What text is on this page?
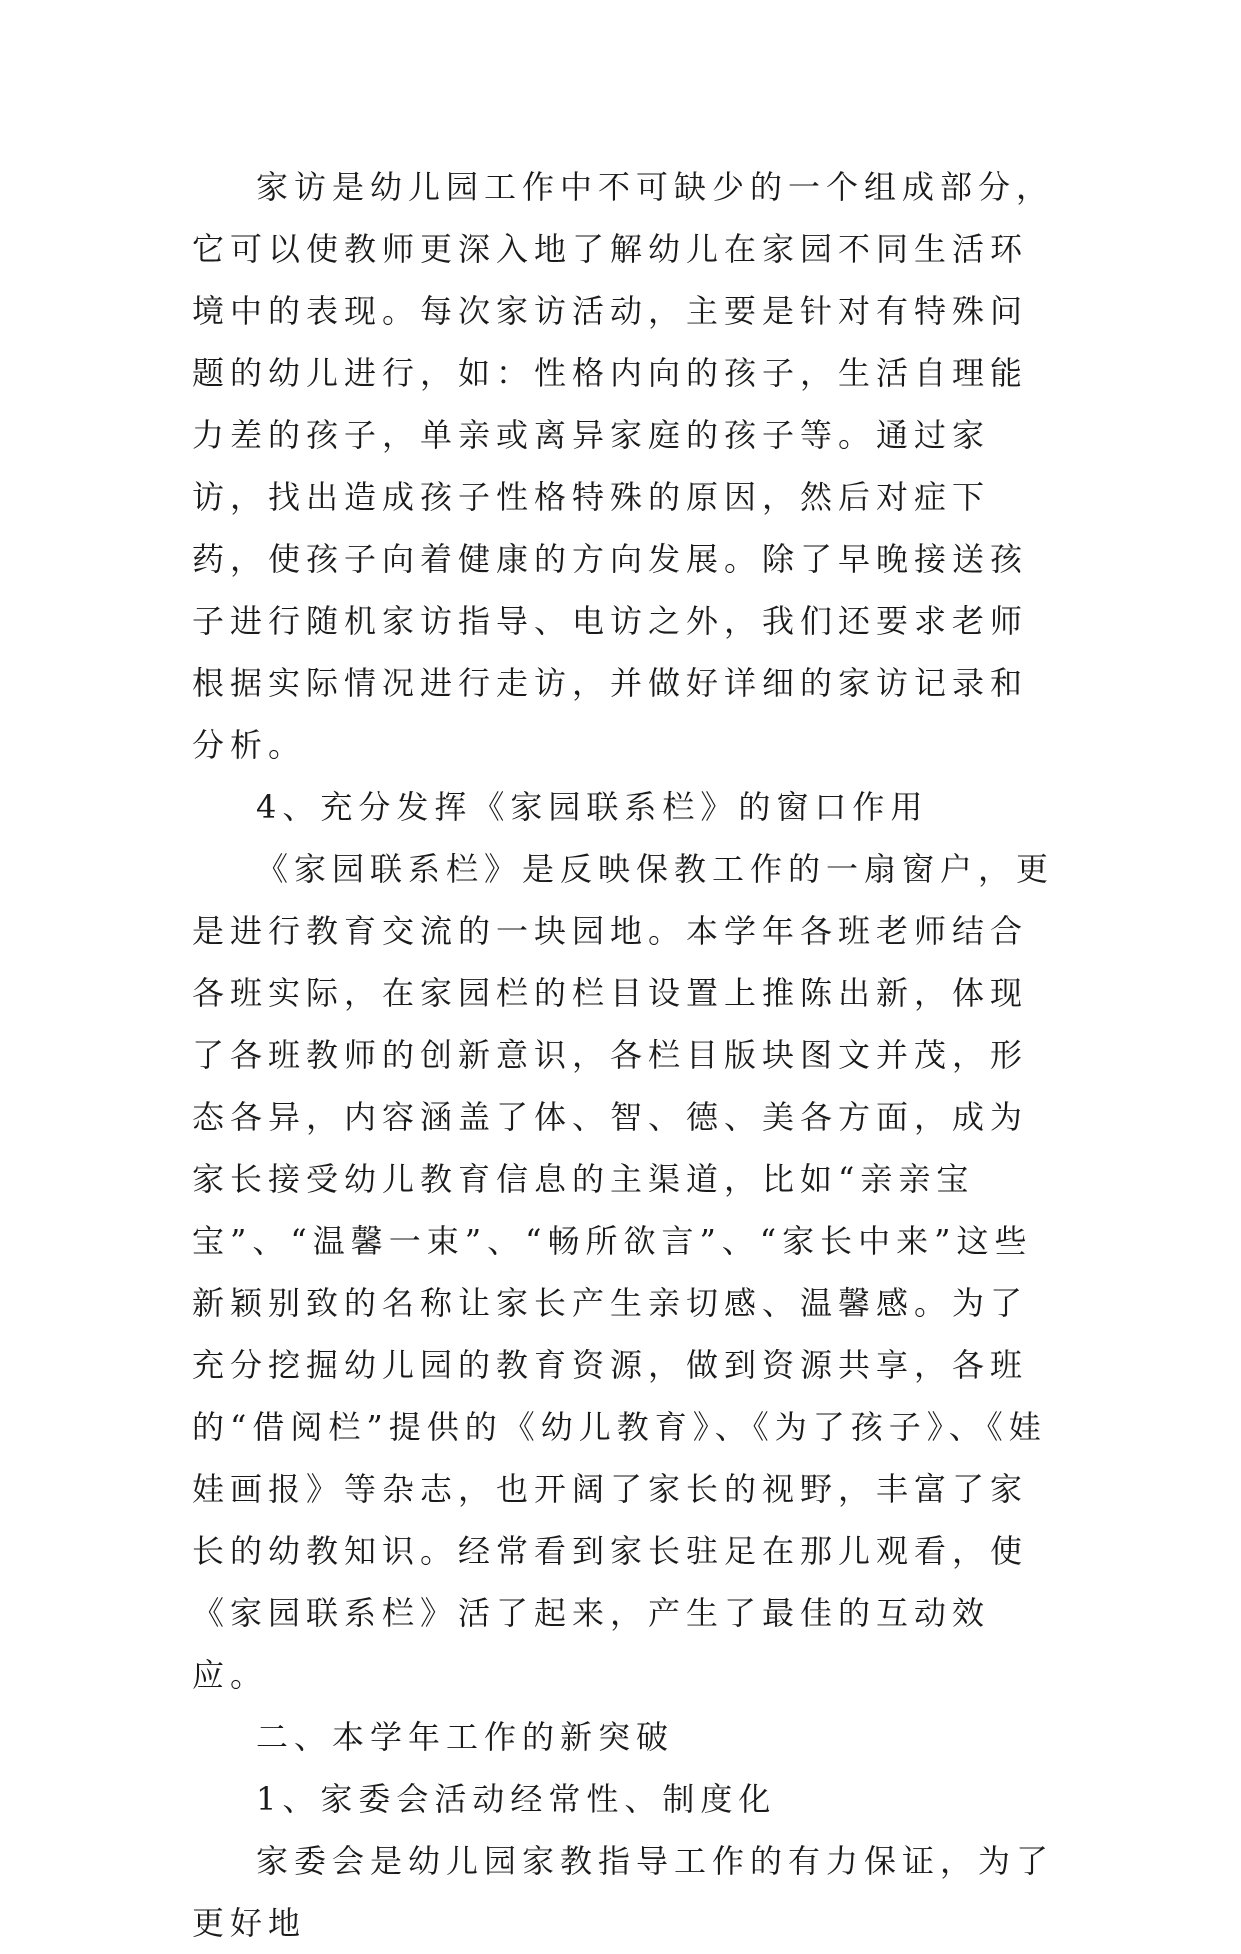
家访是幼儿园工作中不可缺少的一个组成部分，它可以使教师更深入地了解幼儿在家园不同生活环境中的表现。每次家访活动，主要是针对有特殊问题的幼儿进行，如：性格内向的孩子，生活自理能力差的孩子，单亲或离异家庭的孩子等。通过家访，找出造成孩子性格特殊的原因，然后对症下药，使孩子向着健康的方向发展。除了早晚接送孩子进行随机家访指导、电访之外，我们还要求老师根据实际情况进行走访，并做好详细的家访记录和分析。

4、充分发挥《家园联系栏》的窗口作用

《家园联系栏》是反映保教工作的一扇窗户，更是进行教育交流的一块园地。本学年各班老师结合各班实际，在家园栏的栏目设置上推陈出新，体现了各班教师的创新意识，各栏目版块图文并茂，形态各异，内容涵盖了体、智、德、美各方面，成为家长接受幼儿教育信息的主渠道，比如“亲亲宝宝”、“温馨一束”、“畅所欲言”、“家长中来”这些新颖别致的名称让家长产生亲切感、温馨感。为了充分挖掘幼儿园的教育资源，做到资源共享，各班的“借阅栏”提供的《幼儿教育》、《为了孩子》、《娃娃画报》等杂志，也开阔了家长的视野，丰富了家长的幼教知识。经常看到家长驻足在那儿观看，使《家园联系栏》活了起来，产生了最佳的互动效应。

二、本学年工作的新突破

1、家委会活动经常性、制度化

家委会是幼儿园家教指导工作的有力保证，为了更好地
